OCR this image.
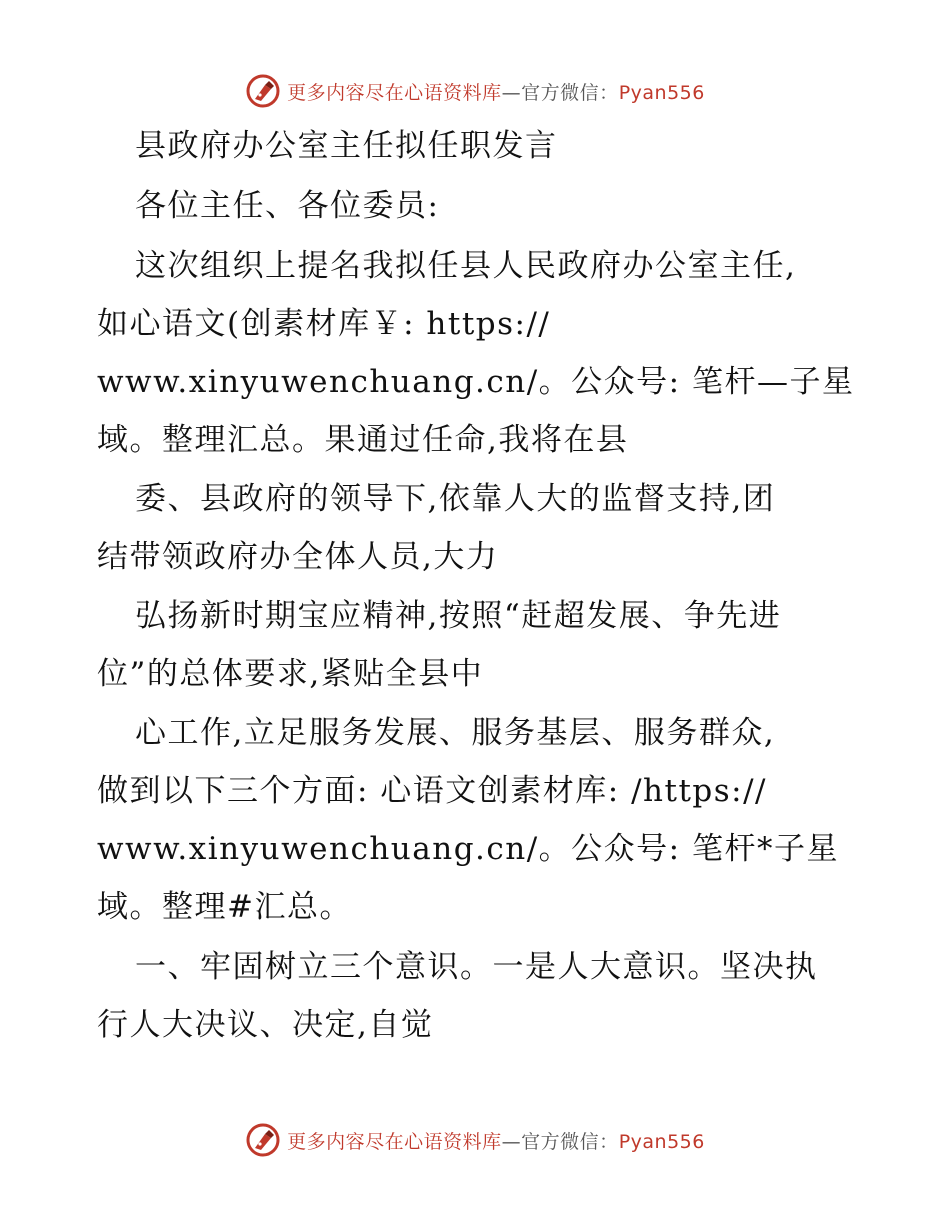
更多内容尽在心语资料库—官方微信：Pyan556
县政府办公室主任拟任职发言
各位主任、各位委员:
这次组织上提名我拟任县人民政府办公室主任,
如心语文(创素材库￥: https://
www.xinyuwenchuang.cn/。公众号: 笔杆—子星
域。整理汇总。果通过任命,我将在县
委、县政府的领导下,依靠人大的监督支持,团
结带领政府办全体人员,大力
弘扬新时期宝应精神,按照“赶超发展、争先进
位”的总体要求,紧贴全县中
心工作,立足服务发展、服务基层、服务群众,
做到以下三个方面: 心语文创素材库: /https://
www.xinyuwenchuang.cn/。公众号: 笔杆*子星
域。整理#汇总。
一、牢固树立三个意识。一是人大意识。坚决执
行人大决议、决定,自觉
更多内容尽在心语资料库—官方微信：Pyan556
